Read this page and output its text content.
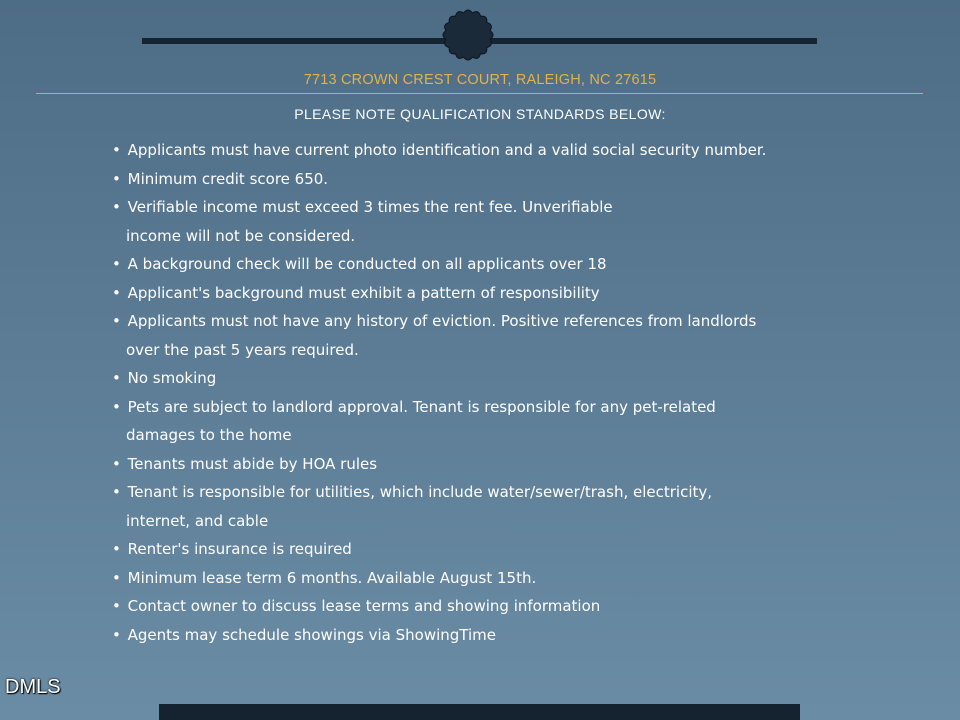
7713 CROWN CREST COURT, RALEIGH, NC 27615
PLEASE NOTE QUALIFICATION STANDARDS BELOW:
• Applicants must have current photo identification and a valid social security number.
• Minimum credit score 650.
• Verifiable income must exceed 3 times the rent fee. Unverifiable
income will not be considered.
• A background check will be conducted on all applicants over 18
• Applicant's background must exhibit a pattern of responsibility
• Applicants must not have any history of eviction. Positive references from landlords
over the past 5 years required.
• No smoking
• Pets are subject to landlord approval. Tenant is responsible for any pet-related
damages to the home
• Tenants must abide by HOA rules
• Tenant is responsible for utilities, which include water/sewer/trash, electricity,
internet, and cable
• Renter's insurance is required
• Minimum lease term 6 months. Available August 15th.
• Contact owner to discuss lease terms and showing information
• Agents may schedule showings via ShowingTime
DMLS
